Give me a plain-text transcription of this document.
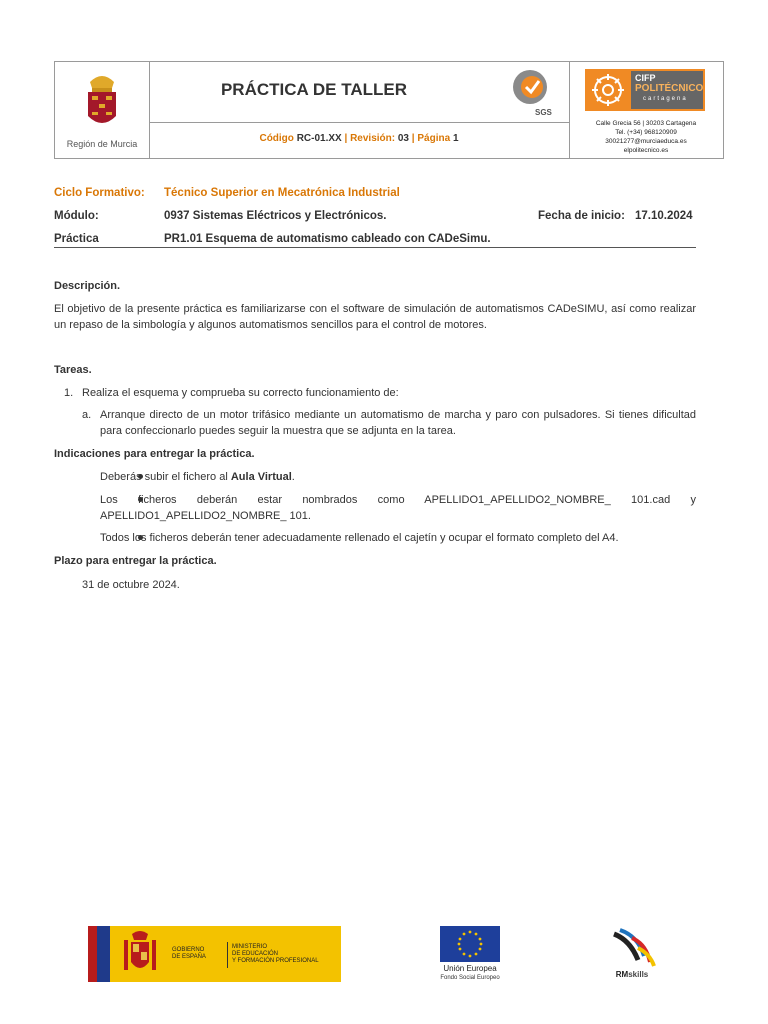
Región de Murcia
PRÁCTICA DE TALLER
SGS
Código RC-01.XX | Revisión: 03 | Página 1
CIFP
POLITÉCNICO
cartagena
Calle Grecia 56 | 30203 Cartagena
Tel. (+34) 968120909
30021277@murciaeduca.es
elpolitecnico.es
Ciclo Formativo: Técnico Superior en Mecatrónica Industrial
Módulo:	0937 Sistemas Eléctricos y Electrónicos.	Fecha de inicio: 17.10.2024
Práctica	PR1.01 Esquema de automatismo cableado con CADeSimu.
Descripción.
El objetivo de la presente práctica es familiarizarse con el software de simulación de automatismos CADeSIMU, así como realizar un repaso de la simbología y algunos automatismos sencillos para el control de motores.
Tareas.
1. Realiza el esquema y comprueba su correcto funcionamiento de:
a. Arranque directo de un motor trifásico mediante un automatismo de marcha y paro con pulsadores. Si tienes dificultad para confeccionarlo puedes seguir la muestra que se adjunta en la tarea.
Indicaciones para entregar la práctica.
Deberás subir el fichero al Aula Virtual.
Los ficheros deberán estar nombrados como APELLIDO1_APELLIDO2_NOMBRE_ 101.cad y APELLIDO1_APELLIDO2_NOMBRE_ 101.
Todos los ficheros deberán tener adecuadamente rellenado el cajetín y ocupar el formato completo del A4.
Plazo para entregar la práctica.
31 de octubre 2024.
GOBIERNO
DE ESPAÑA
MINISTERIO
DE EDUCACIÓN
Y FORMACIÓN PROFESIONAL
Unión Europea
Fondo Social Europeo	RMskills
